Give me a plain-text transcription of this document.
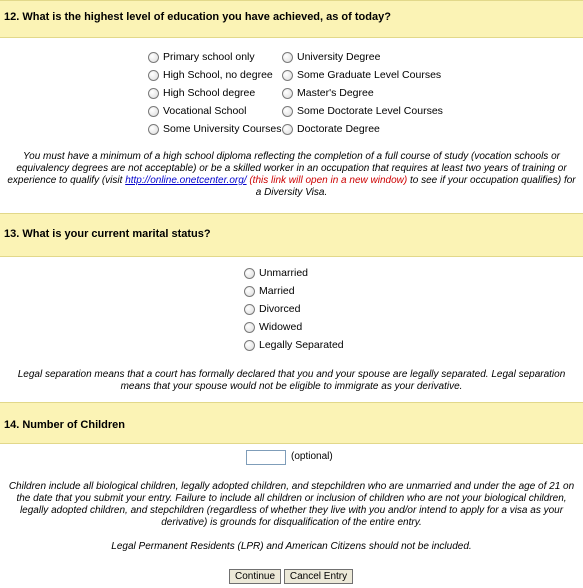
12. What is the highest level of education you have achieved, as of today?
Primary school only
High School, no degree
High School degree
Vocational School
Some University Courses
University Degree
Some Graduate Level Courses
Master's Degree
Some Doctorate Level Courses
Doctorate Degree
You must have a minimum of a high school diploma reflecting the completion of a full course of study (vocation schools or equivalency degrees are not acceptable) or be a skilled worker in an occupation that requires at least two years of training or experience to qualify (visit http://online.onetcenter.org/ (this link will open in a new window) to see if your occupation qualifies) for a Diversity Visa.
13. What is your current marital status?
Unmarried
Married
Divorced
Widowed
Legally Separated
Legal separation means that a court has formally declared that you and your spouse are legally separated. Legal separation means that your spouse would not be eligible to immigrate as your derivative.
14. Number of Children
(optional)
Children include all biological children, legally adopted children, and stepchildren who are unmarried and under the age of 21 on the date that you submit your entry. Failure to include all children or inclusion of children who are not your biological children, legally adopted children, and stepchildren (regardless of whether they live with you and/or intend to apply for a visa as your derivative) is grounds for disqualification of the entire entry.
Legal Permanent Residents (LPR) and American Citizens should not be included.
Continue	Cancel Entry
